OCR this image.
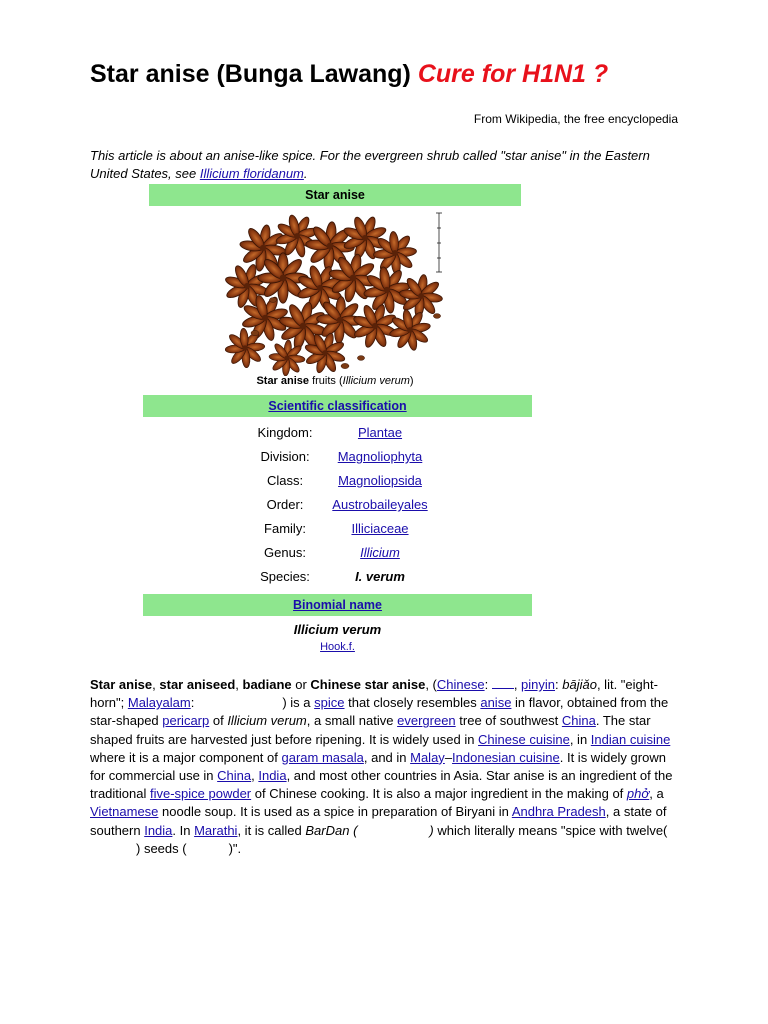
Star anise (Bunga Lawang) Cure for H1N1 ?
From Wikipedia, the free encyclopedia
This article is about an anise-like spice. For the evergreen shrub called "star anise" in the Eastern United States, see Illicium floridanum.
Star anise
Star anise fruits (Illicium verum)
Scientific classification
Kingdom:	Plantae
Division:	Magnoliophyta
Class:	Magnoliopsida
Order:	Austrobaileyales
Family:	Illiciaceae
Genus:	Illicium
Species:	I. verum
Binomial name
Illicium verum
Hook.f.
Star anise, star aniseed, badiane or Chinese star anise, (Chinese: , pinyin: bājiǎo, lit. "eight-horn"; Malayalam:	) is a spice that closely resembles anise in flavor, obtained from the star-shaped pericarp of Illicium verum, a small native evergreen tree of southwest China. The star shaped fruits are harvested just before ripening. It is widely used in Chinese cuisine, in Indian cuisine where it is a major component of garam masala, and in Malay–Indonesian cuisine. It is widely grown for commercial use in China, India, and most other countries in Asia. Star anise is an ingredient of the traditional five-spice powder of Chinese cooking. It is also a major ingredient in the making of phở, a Vietnamese noodle soup. It is used as a spice in preparation of Biryani in Andhra Pradesh, a state of southern India. In Marathi, it is called BarDan (	) which literally means "spice with twelve() seeds (	)".
